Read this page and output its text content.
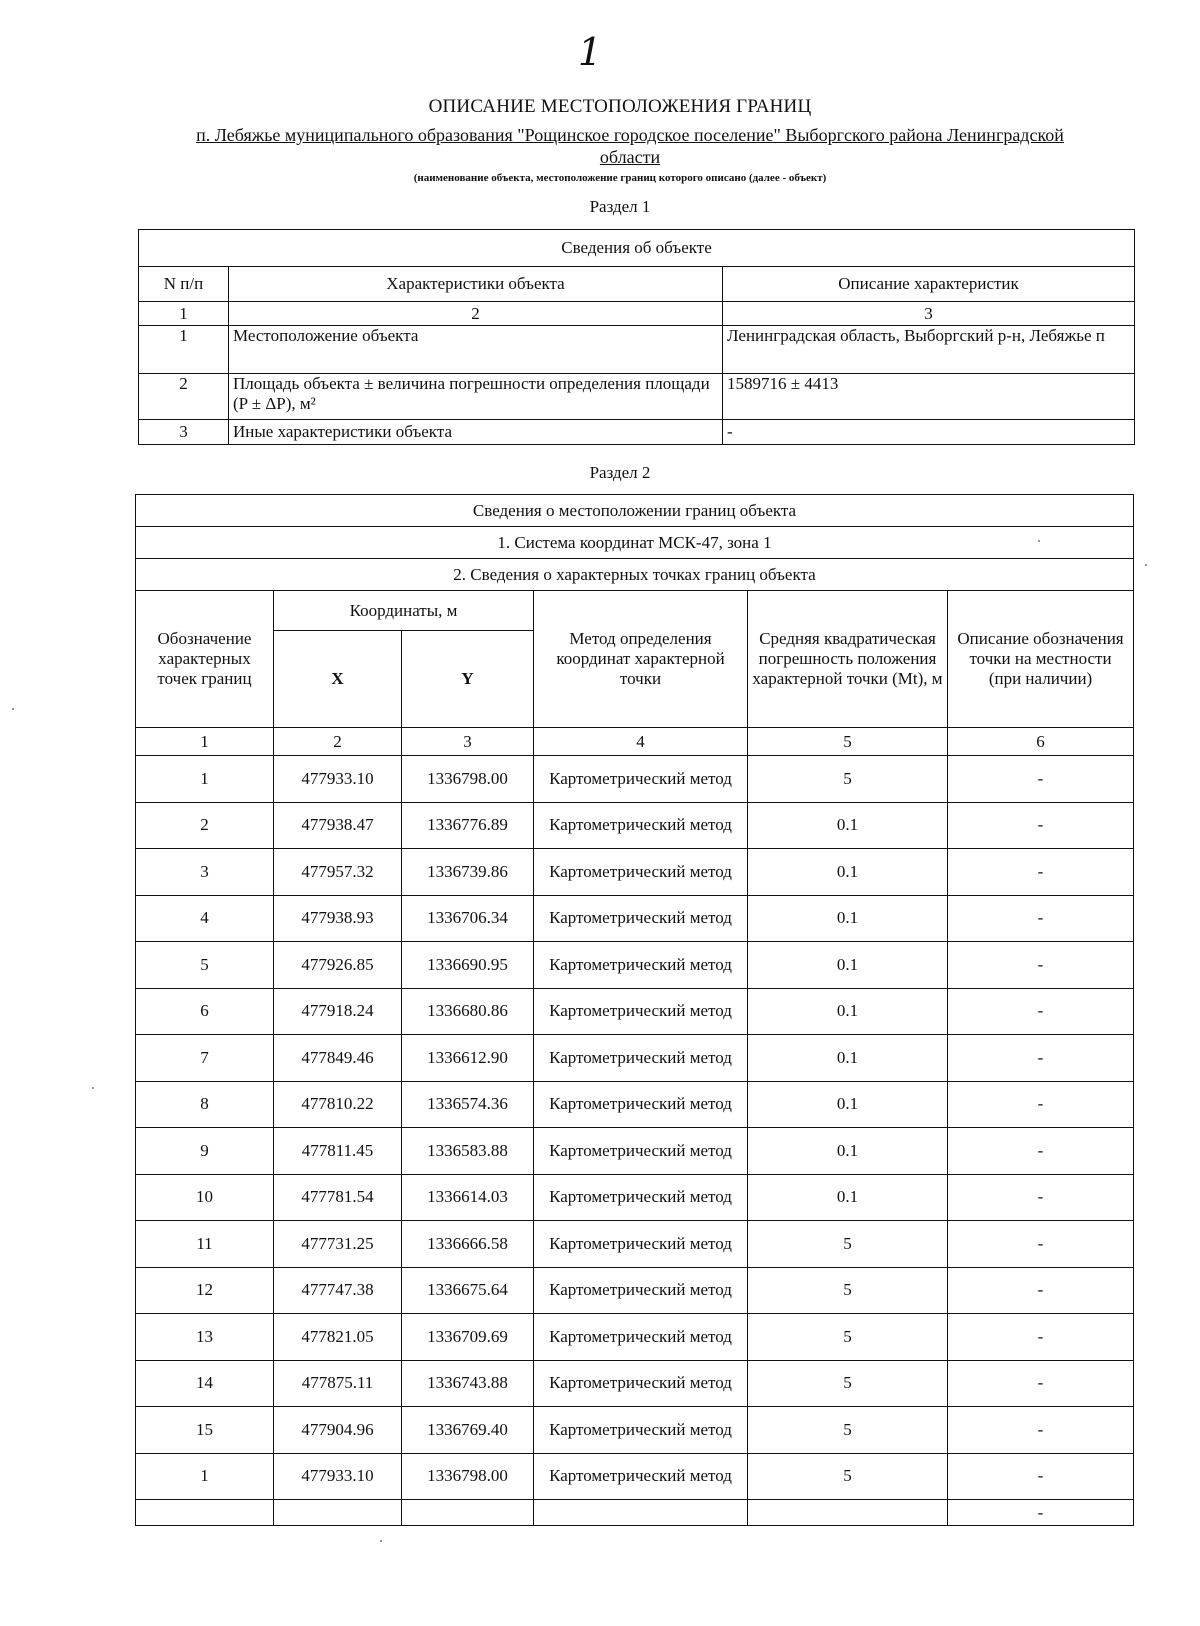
1
ОПИСАНИЕ МЕСТОПОЛОЖЕНИЯ ГРАНИЦ
п. Лебяжье муниципального образования "Рощинское городское поселение" Выборгского района Ленинградской
области
(наименование объекта, местоположение границ которого описано (далее - объект)
Раздел 1
Сведения об объекте		
N п/п	Характеристики объекта	Описание характеристик
1	2	3
1	Местоположение объекта	Ленинградская область, Выборгский р-н, Лебяжье п
2	Площадь объекта ± величина погрешности определения площади (P ± ΔP), м²	1589716 ± 4413
3	Иные характеристики объекта	-
Раздел 2
Сведения о местоположении границ объекта					
1. Система координат МСК-47, зона 1					
2. Сведения о характерных точках границ объекта					
Обозначение характерных точек границ	Координаты, м		Метод определения координат характерной точки	Средняя квадратическая погрешность положения характерной точки (Mt), м	Описание обозначения точки на местности (при наличии)
	X	Y			
1	2	3	4	5	6
1	477933.10	1336798.00	Картометрический метод	5	-
2	477938.47	1336776.89	Картометрический метод	0.1	-
3	477957.32	1336739.86	Картометрический метод	0.1	-
4	477938.93	1336706.34	Картометрический метод	0.1	-
5	477926.85	1336690.95	Картометрический метод	0.1	-
6	477918.24	1336680.86	Картометрический метод	0.1	-
7	477849.46	1336612.90	Картометрический метод	0.1	-
8	477810.22	1336574.36	Картометрический метод	0.1	-
9	477811.45	1336583.88	Картометрический метод	0.1	-
10	477781.54	1336614.03	Картометрический метод	0.1	-
11	477731.25	1336666.58	Картометрический метод	5	-
12	477747.38	1336675.64	Картометрический метод	5	-
13	477821.05	1336709.69	Картометрический метод	5	-
14	477875.11	1336743.88	Картометрический метод	5	-
15	477904.96	1336769.40	Картометрический метод	5	-
1	477933.10	1336798.00	Картометрический метод	5	-
					-
